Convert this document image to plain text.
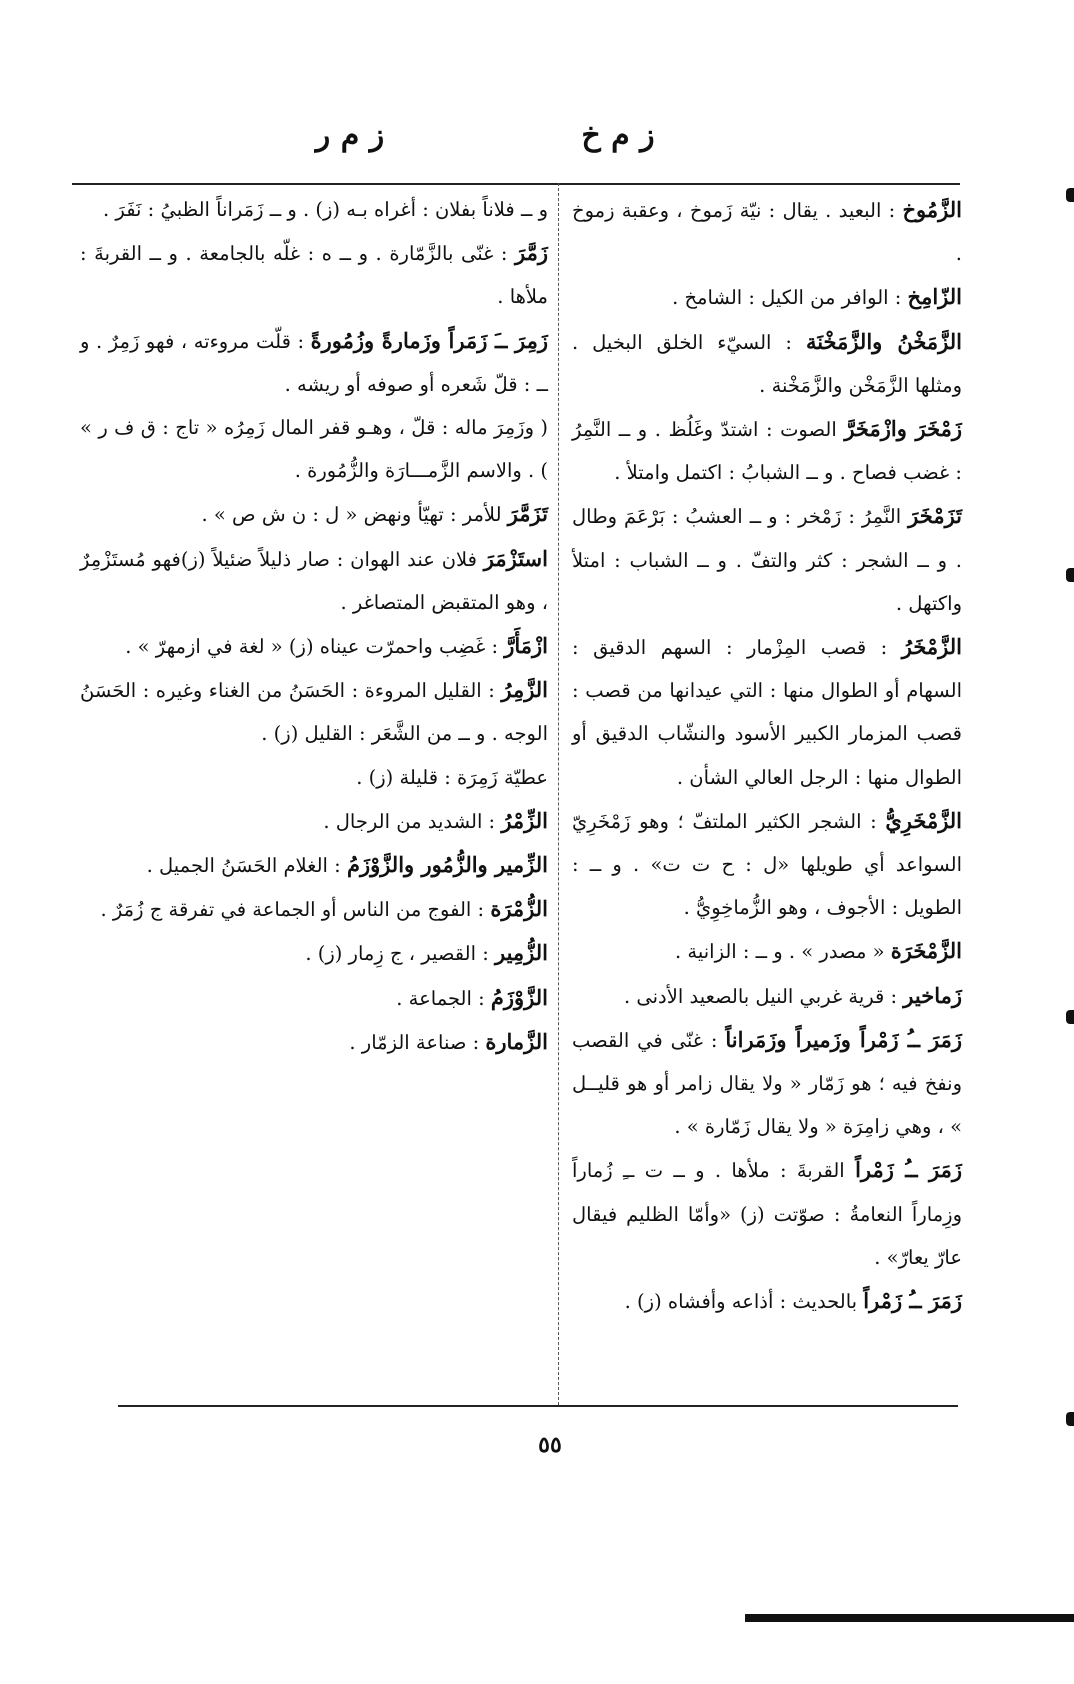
ز م خ
ز م ر

الزَّمُوخ : البعيد . يقال : نيّة زَموخ ، وعقبة زموخ .

الزّامِخ : الوافر من الكيل : الشامخ .

الزَّمَخْنُ والزَّمَخْنَة : السيّء الخلق البخيل . ومثلها الزَّمَخْن والزَّمَخْنة .

زَمْخَرَ وازْمَخَرَّ الصوت : اشتدّ وغَلُظ . و ــ النَّمِرُ : غضب فصاح . و ــ الشبابُ : اكتمل وامتلأ .

تَزَمْخَرَ النَّمِرُ : زَمْخر : و ــ العشبُ : بَرْعَمَ وطال . و ــ الشجر : كثر والتفّ . و ــ الشباب : امتلأ واكتهل .

الزَّمْخَرُ : قصب المِزْمار : السهم الدقيق : السهام أو الطوال منها : التي عيدانها من قصب : قصب المزمار الكبير الأسود والنشّاب الدقيق أو الطوال منها : الرجل العالي الشأن .

الزَّمْخَرِيُّ : الشجر الكثير الملتفّ ؛ وهو زَمْخَرِيّ السواعد أي طويلها «ل : ح ت ت» . و ــ : الطويل : الأجوف ، وهو الزُّماخِوِيُّ .

الزَّمْخَرَة « مصدر » . و ــ : الزانية .

زَماخير : قرية غربي النيل بالصعيد الأدنى .

زَمَرَ ــُ زَمْراً وزَميراً وزَمَراناً : غنّى في القصب ونفخ فيه ؛ هو زَمّار « ولا يقال زامر أو هو قليــل » ، وهي زامِرَة « ولا يقال زَمّارة » .

زَمَرَ ــُ زَمْراً القربةَ : ملأها . و ــ ت ــِ زُماراً وزِماراً النعامةُ : صوّتت (ز) «وأمّا الظليم فيقال عارّ يعارّ» .

زَمَرَ ــُ زَمْراً بالحديث : أذاعه وأفشاه (ز) .

و ــ فلاناً بفلان : أغراه بـه (ز) . و ــ زَمَراناً الظبيُ : نَفَرَ .

زَمَّرَ : غنّى بالزَّمّارة . و ــ ه : غلّه بالجامعة . و ــ القربةَ : ملأها .

زَمِرَ ــَ زَمَراً وزَمارةً وزُمُورةً : قلّت مروءته ، فهو زَمِرٌ . و ــ : قلّ شَعره أو صوفه أو ريشه .

( وزَمِرَ ماله : قلّ ، وهـو قفر المال زَمِرُه « تاج : ق ف ر » ) . والاسم الزَّمـــارَة والزُّمُورة .

تَزَمَّرَ للأمر : تهيّأ ونهض « ل : ن ش ص » .

استَزْمَرَ فلان عند الهوان : صار ذليلاً ضئيلاً (ز)فهو مُستَزْمِرٌ ، وهو المتقبض المتصاغر .

ازْمَأَرَّ : غَضِب واحمرّت عيناه (ز) « لغة في ازمهرّ » .

الزَّمِرُ : القليل المروءة : الحَسَنُ من الغناء وغيره : الحَسَنُ الوجه . و ــ من الشَّعَر : القليل (ز) .

عطيّة زَمِرَة : قليلة (ز) .

الزِّمْرُ : الشديد من الرجال .

الزِّمير والزُّمُور والزَّوْزَمُ : الغلام الحَسَنُ الجميل .

الزُّمْرَة : الفوج من الناس أو الجماعة في تفرقة ج زُمَرٌ .

الزُّمِير : القصير ، ج زِمار (ز) .

الزَّوْزَمُ : الجماعة .

الزَّمارة : صناعة الزمّار .

٥٥
